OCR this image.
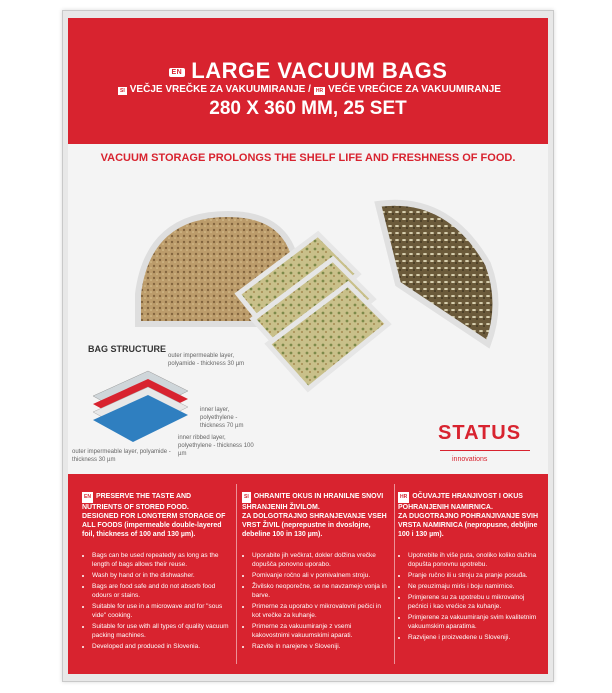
EN LARGE VACUUM BAGS
SI VEČJE VREČKE ZA VAKUUMIRANJE / HR VEĆE VREĆICE ZA VAKUUMIRANJE
280 X 360 MM, 25 SET
VACUUM STORAGE PROLONGS THE SHELF LIFE AND FRESHNESS OF FOOD.
BAG STRUCTURE
outer impermeable layer, polyamide - thickness 30 µm
inner layer, polyethylene - thickness 70 µm
inner ribbed layer, polyethylene - thickness 100 µm
outer impermeable layer, polyamide - thickness 30 µm
STATUS
innovations
EN PRESERVE THE TASTE AND NUTRIENTS OF STORED FOOD.
DESIGNED FOR LONGTERM STORAGE OF ALL FOODS (impermeable double-layered foil, thickness of 100 and 130 µm).
• Bags can be used repeatedly as long as the length of bags allows their reuse.
• Wash by hand or in the dishwasher.
• Bags are food safe and do not absorb food odours or stains.
• Suitable for use in a microwave and for "sous vide" cooking.
• Suitable for use with all types of quality vacuum packing machines.
• Developed and produced in Slovenia.
SI OHRANITE OKUS IN HRANILNE SNOVI SHRANJENIH ŽIVILOM.
ZA DOLGOTRAJNO SHRANJEVANJE VSEH VRST ŽIVIL (neprepustne in dvoslojne, debeline 100 in 130 µm).
• Uporabite jih večkrat, dokler dolžina vrečke dopušča ponovno uporabo.
• Pomivanje ročno ali v pomivalnem stroju.
• Živilsko neoporečne, se ne navzamejo vonja in barve.
• Primerne za uporabo v mikrovalovni pečici in kot vrečke za kuhanje.
• Primerne za vakuumiranje z vsemi kakovostnimi vakuumskimi aparati.
• Razvite in narejene v Sloveniji.
HR OČUVAJTE HRANJIVOST I OKUS POHRANJENIH NAMIRNICA.
ZA DUGOTRAJNO POHRANJIVANJE SVIH VRSTA NAMIRNICA (nepropusne, debljine 100 i 130 µm).
• Upotrebite ih više puta, onoliko koliko dužina dopušta ponovnu upotrebu.
• Pranje ručno ili u stroju za pranje posuđa.
• Ne preuzimaju miris i boju namirnice.
• Primjerene su za upotrebu u mikrovalnoj pećnici i kao vrećice za kuhanje.
• Primjerene za vakuumiranje svim kvalitetnim vakuumskim aparatima.
• Razvijene i proizvedene u Sloveniji.
